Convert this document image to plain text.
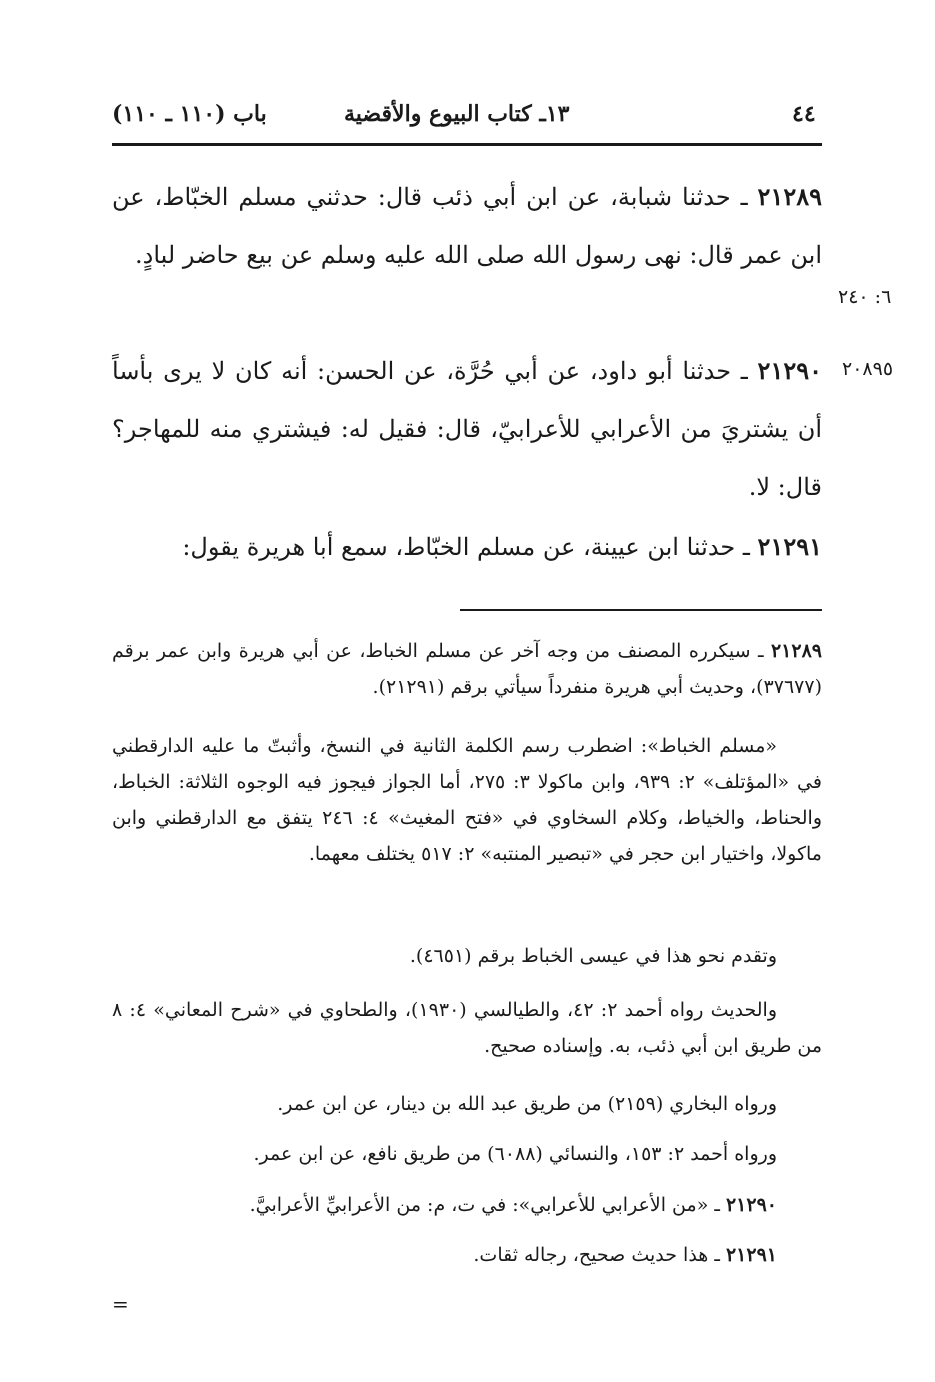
٤٤
١٣ـ كتاب البيوع والأقضية
باب (١١٠ ـ ١١٠)
٦: ٢٤٠
٢٠٨٩٥
٢١٢٨٩ ـ حدثنا شبابة، عن ابن أبي ذئب قال: حدثني مسلم الخبّاط، عن ابن عمر قال: نهى رسول الله صلى الله عليه وسلم عن بيع حاضر لبادٍ.
٢١٢٩٠ ـ حدثنا أبو داود، عن أبي حُرَّة، عن الحسن: أنه كان لا يرى بأساً أن يشتريَ من الأعرابي للأعرابيّ، قال: فقيل له: فيشتري منه للمهاجر؟ قال: لا.
٢١٢٩١ ـ حدثنا ابن عيينة، عن مسلم الخبّاط، سمع أبا هريرة يقول:
٢١٢٨٩ ـ سيكرره المصنف من وجه آخر عن مسلم الخباط، عن أبي هريرة وابن عمر برقم (٣٧٦٧٧)، وحديث أبي هريرة منفرداً سيأتي برقم (٢١٢٩١).
«مسلم الخباط»: اضطرب رسم الكلمة الثانية في النسخ، وأثبتّ ما عليه الدارقطني في «المؤتلف» ٢: ٩٣٩، وابن ماكولا ٣: ٢٧٥، أما الجواز فيجوز فيه الوجوه الثلاثة: الخباط، والحناط، والخياط، وكلام السخاوي في «فتح المغيث» ٤: ٢٤٦ يتفق مع الدارقطني وابن ماكولا، واختيار ابن حجر في «تبصير المنتبه» ٢: ٥١٧ يختلف معهما.
وتقدم نحو هذا في عيسى الخباط برقم (٤٦٥١).
والحديث رواه أحمد ٢: ٤٢، والطيالسي (١٩٣٠)، والطحاوي في «شرح المعاني» ٤: ٨ من طريق ابن أبي ذئب، به. وإسناده صحيح.
ورواه البخاري (٢١٥٩) من طريق عبد الله بن دينار، عن ابن عمر.
ورواه أحمد ٢: ١٥٣، والنسائي (٦٠٨٨) من طريق نافع، عن ابن عمر.
٢١٢٩٠ ـ «من الأعرابي للأعرابي»: في ت، م: من الأعرابيِّ الأعرابيَّ.
٢١٢٩١ ـ هذا حديث صحيح، رجاله ثقات.
=
